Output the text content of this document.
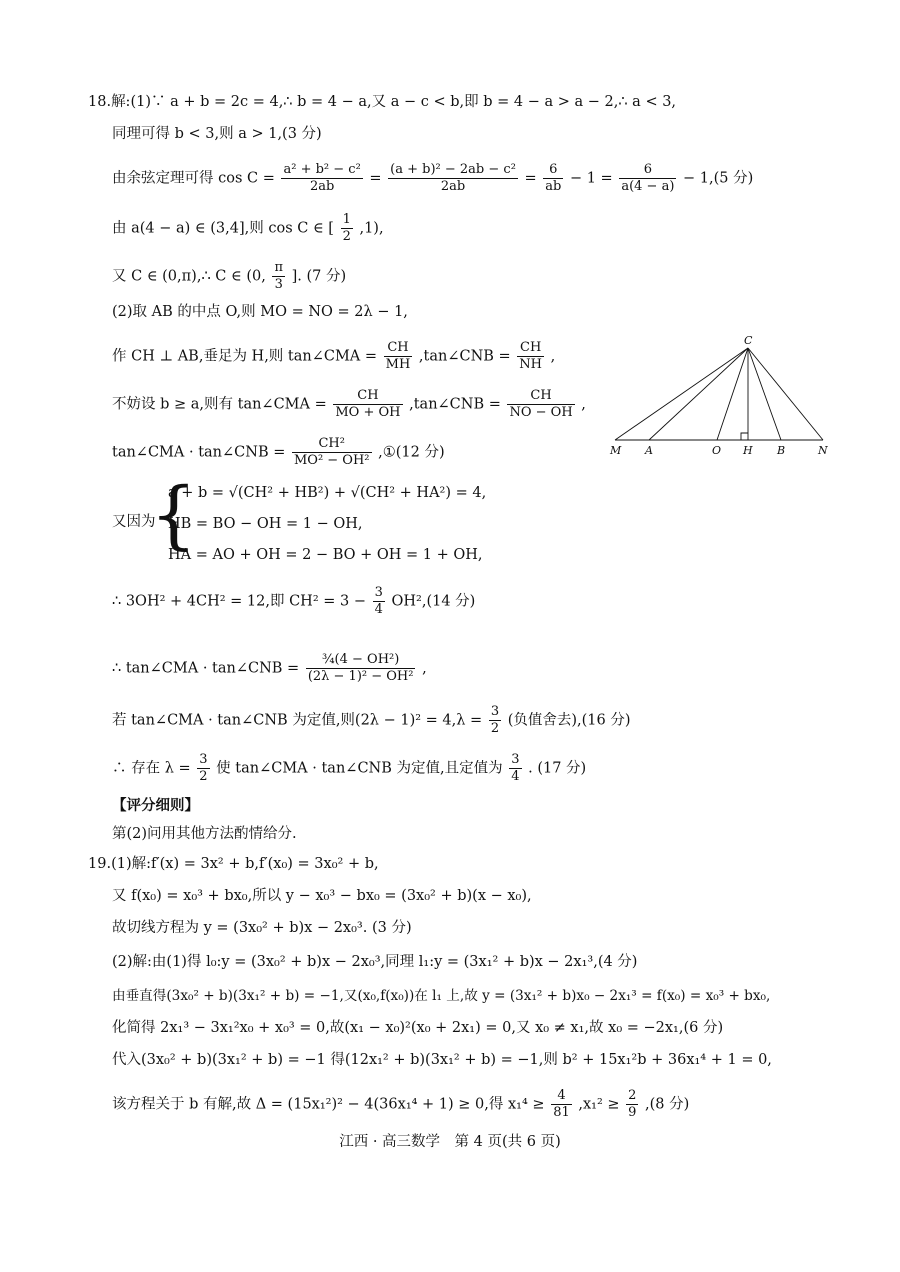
18.解:(1)∵ a + b = 2c = 4,∴ b = 4 − a,又 a − c < b,即 b = 4 − a > a − 2,∴ a < 3,
同理可得 b < 3,则 a > 1,(3 分)
由余弦定理可得 $\cos C = \frac{\text{a² + b² − c²}}{2ab} = \frac{\text{(a + b)² − 2ab − c²}}{2ab} = \frac{6}{ab} - 1 = \frac{6}{a(4 - a)} - 1,(5$ 分)
由 a(4 − a) ∈ (3,4],则 cos C ∈ [ $\frac{1}{2} ,1$),
又 C ∈ (0,π),∴ C ∈ (0, $\frac{\pi}{3}$ ]. (7 分)
(2)取 AB 的中点 O,则 MO = NO = 2λ − 1,
作 CH ⊥ AB,垂足为 H,则 tan∠CMA = $\frac{CH}{MH}$ ,tan∠CNB = $\frac{CH}{NH}$ ,
不妨设 b ≥ a,则有 tan∠CMA = $\frac{CH}{MO + OH}$ ,tan∠CNB = $\frac{CH}{NO - OH}$ ,
tan∠CMA · tan∠CNB = $\frac{\text{CH²}}{\text{MO² − OH²}}$ ,①(12 分)
又因为
{
a + b = √(CH² + HB²) + √(CH² + HA²) = 4,
HB = BO − OH = 1 − OH,
HA = AO + OH = 2 − BO + OH = 1 + OH,
∴ 3OH² + 4CH² = 12,即 $CH^2 = 3 - \frac{3}{4} OH^2,(14$ 分)
∴ tan∠CMA · tan∠CNB = $\frac{\text{¾(4 − OH²)}}{\text{(2λ − 1)² − OH²}}$ ,
若 tan∠CMA · tan∠CNB 为定值,则$(2\lambda - 1)^2 = 4,\lambda = \frac{3}{2}$ (负值舍去),(16 分)
∴ 存在 $\lambda = \frac{3}{2}$ 使 tan∠CMA · tan∠CNB 为定值,且定值为 $\frac{3}{4}$ . (17 分)
【评分细则】
第(2)问用其他方法酌情给分.
C
M A	O H B	N
19.(1)解:f′(x) = 3x² + b,f′(x₀) = 3x₀² + b,
又 f(x₀) = x₀³ + bx₀,所以 y − x₀³ − bx₀ = (3x₀² + b)(x − x₀),
故切线方程为 y = (3x₀² + b)x − 2x₀³. (3 分)
(2)解:由(1)得 l₀:y = (3x₀² + b)x − 2x₀³,同理 l₁:y = (3x₁² + b)x − 2x₁³,(4 分)
由垂直得(3x₀² + b)(3x₁² + b) = −1,又(x₀,f(x₀))在 l₁ 上,故 y = (3x₁² + b)x₀ − 2x₁³ = f(x₀) = x₀³ + bx₀,
化简得 2x₁³ − 3x₁²x₀ + x₀³ = 0,故(x₁ − x₀)²(x₀ + 2x₁) = 0,又 x₀ ≠ x₁,故 x₀ = −2x₁,(6 分)
代入(3x₀² + b)(3x₁² + b) = −1 得(12x₁² + b)(3x₁² + b) = −1,则 b² + 15x₁²b + 36x₁⁴ + 1 = 0,
该方程关于 b 有解,故 Δ = (15x₁²)² − 4(36x₁⁴ + 1) ≥ 0,得 $x_1^4 \ge \frac{4}{81} ,x_1^2 \ge \frac{2}{9} ,(8$ 分)
江西 · 高三数学　第 4 页(共 6 页)
